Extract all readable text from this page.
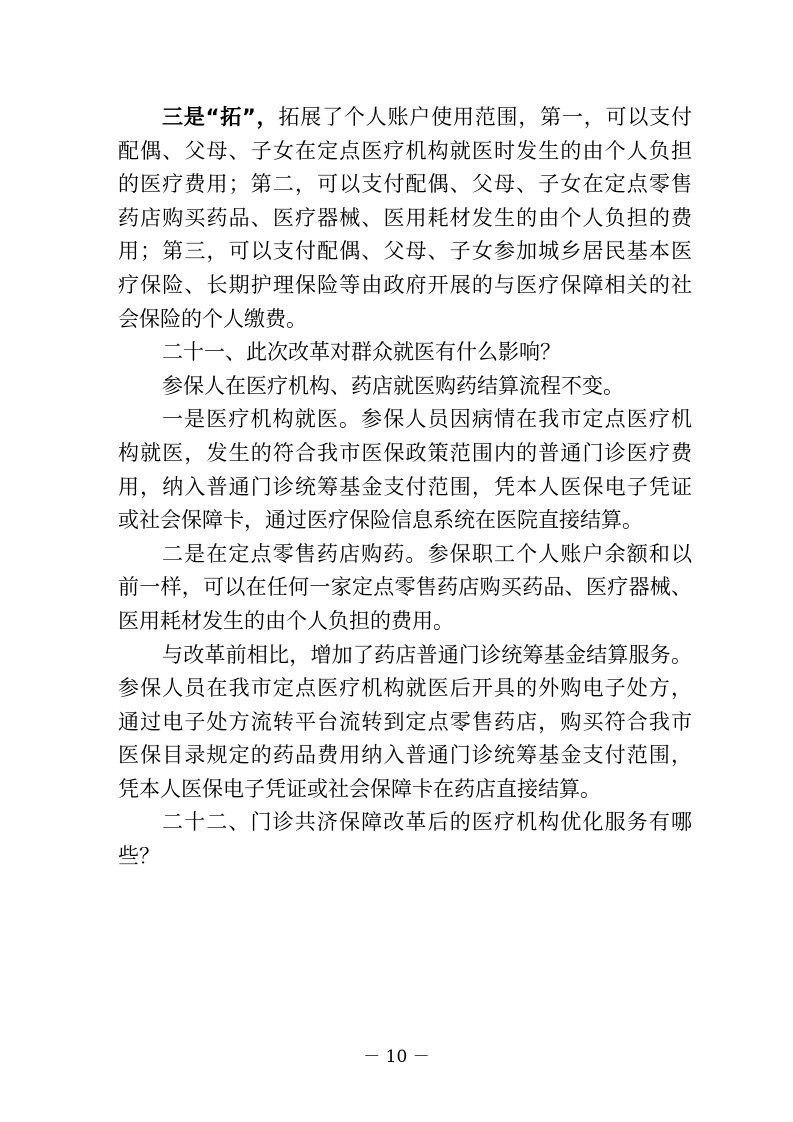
三是“拓”，拓展了个人账户使用范围，第一，可以支付
配偶、父母、子女在定点医疗机构就医时发生的由个人负担
的医疗费用；第二，可以支付配偶、父母、子女在定点零售
药店购买药品、医疗器械、医用耗材发生的由个人负担的费
用；第三，可以支付配偶、父母、子女参加城乡居民基本医
疗保险、长期护理保险等由政府开展的与医疗保障相关的社
会保险的个人缴费。
二十一、此次改革对群众就医有什么影响？
参保人在医疗机构、药店就医购药结算流程不变。
一是医疗机构就医。参保人员因病情在我市定点医疗机
构就医，发生的符合我市医保政策范围内的普通门诊医疗费
用，纳入普通门诊统筹基金支付范围，凭本人医保电子凭证
或社会保障卡，通过医疗保险信息系统在医院直接结算。
二是在定点零售药店购药。参保职工个人账户余额和以
前一样，可以在任何一家定点零售药店购买药品、医疗器械、
医用耗材发生的由个人负担的费用。
与改革前相比，增加了药店普通门诊统筹基金结算服务。
参保人员在我市定点医疗机构就医后开具的外购电子处方，
通过电子处方流转平台流转到定点零售药店，购买符合我市
医保目录规定的药品费用纳入普通门诊统筹基金支付范围，
凭本人医保电子凭证或社会保障卡在药店直接结算。
二十二、门诊共济保障改革后的医疗机构优化服务有哪
些？
－ 10 －
